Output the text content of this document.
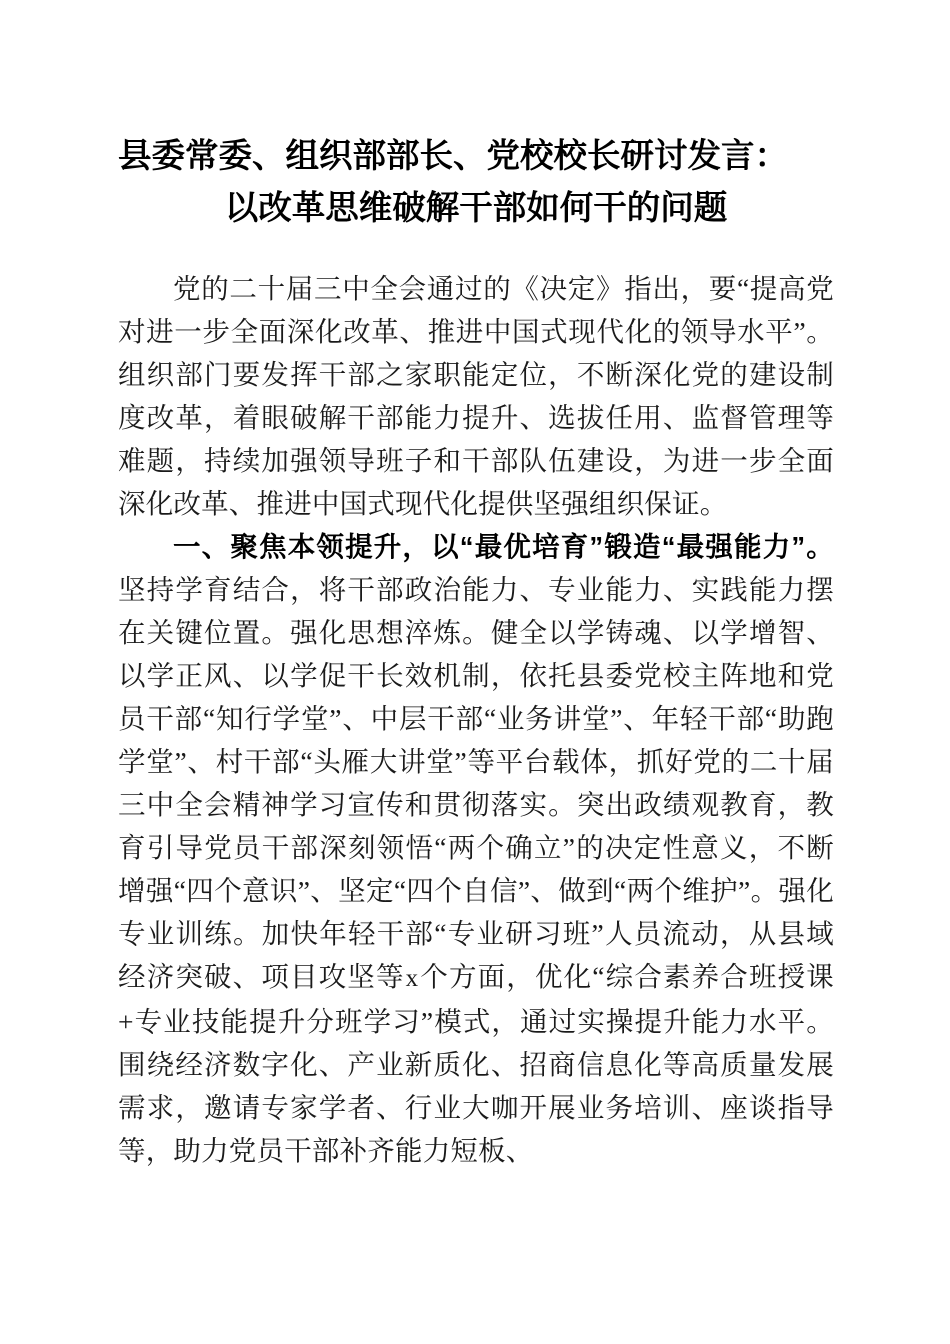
县委常委、组织部部长、党校校长研讨发言：
以改革思维破解干部如何干的问题

党的二十届三中全会通过的《决定》指出，要“提高党对进一步全面深化改革、推进中国式现代化的领导水平”。组织部门要发挥干部之家职能定位，不断深化党的建设制度改革，着眼破解干部能力提升、选拔任用、监督管理等难题，持续加强领导班子和干部队伍建设，为进一步全面深化改革、推进中国式现代化提供坚强组织保证。

一、聚焦本领提升，以“最优培育”锻造“最强能力”。坚持学育结合，将干部政治能力、专业能力、实践能力摆在关键位置。强化思想淬炼。健全以学铸魂、以学增智、以学正风、以学促干长效机制，依托县委党校主阵地和党员干部“知行学堂”、中层干部“业务讲堂”、年轻干部“助跑学堂”、村干部“头雁大讲堂”等平台载体，抓好党的二十届三中全会精神学习宣传和贯彻落实。突出政绩观教育，教育引导党员干部深刻领悟“两个确立”的决定性意义，不断增强“四个意识”、坚定“四个自信”、做到“两个维护”。强化专业训练。加快年轻干部“专业研习班”人员流动，从县域经济突破、项目攻坚等x个方面，优化“综合素养合班授课+专业技能提升分班学习”模式，通过实操提升能力水平。围绕经济数字化、产业新质化、招商信息化等高质量发展需求，邀请专家学者、行业大咖开展业务培训、座谈指导等，助力党员干部补齐能力短板、
